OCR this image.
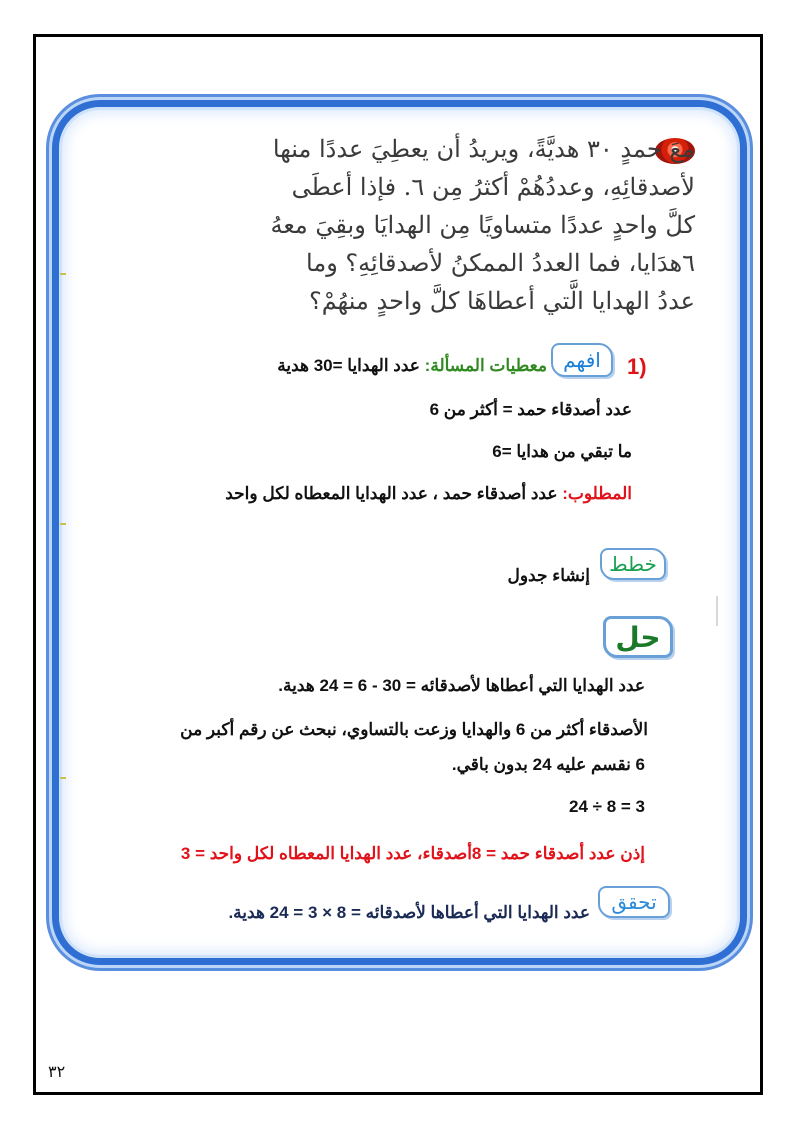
معَ حمدٍ ٣٠ هديَّةً، ويريدُ أن يعطِيَ عددًا منها

لأصدقائِهِ، وعددُهُمْ أكثرُ مِن ٦. فإذا أعطَى

كلَّ واحدٍ عددًا متساويًا مِن الهدايَا وبقِيَ معهُ

٦هدَايا، فما العددُ الممكنُ لأصدقائِهِ؟ وما

عددُ الهدايا الَّتي أعطاهَا كلَّ واحدٍ منهُمْ؟

1)
افهم
معطيات المسألة: عدد الهدايا =30 هدية
عدد أصدقاء حمد = أكثر من 6
ما تبقي من هدايا =6
المطلوب: عدد أصدقاء حمد ، عدد الهدايا المعطاه لكل واحد
خطط
إنشاء جدول
حل
عدد الهدايا التي أعطاها لأصدقائه = 30 - 6 = 24 هدية.
الأصدقاء أكثر من 6 والهدايا وزعت بالتساوي، نبحث عن رقم أكبر من
6 نقسم عليه 24 بدون باقي.
3 = 8 ÷ 24
إذن عدد أصدقاء حمد = 8أصدقاء، عدد الهدايا المعطاه لكل واحد = 3
تحقق
عدد الهدايا التي أعطاها لأصدقائه = 8 × 3 = 24 هدية.
٣٢
